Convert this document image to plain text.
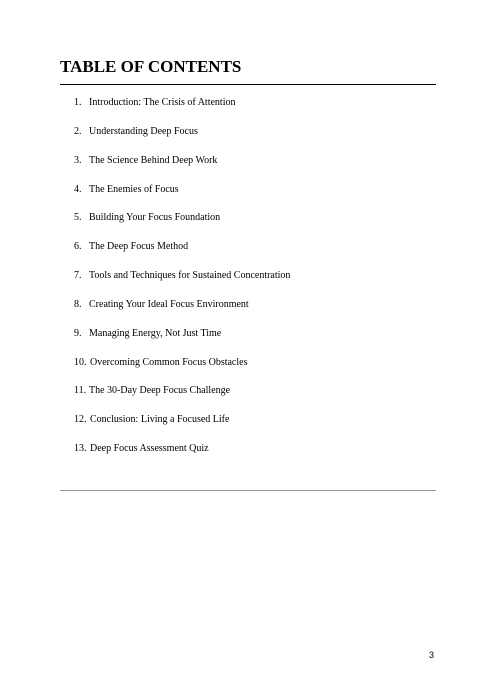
TABLE OF CONTENTS
1. Introduction: The Crisis of Attention
2. Understanding Deep Focus
3. The Science Behind Deep Work
4. The Enemies of Focus
5. Building Your Focus Foundation
6. The Deep Focus Method
7. Tools and Techniques for Sustained Concentration
8. Creating Your Ideal Focus Environment
9. Managing Energy, Not Just Time
10. Overcoming Common Focus Obstacles
11. The 30-Day Deep Focus Challenge
12. Conclusion: Living a Focused Life
13. Deep Focus Assessment Quiz
3
